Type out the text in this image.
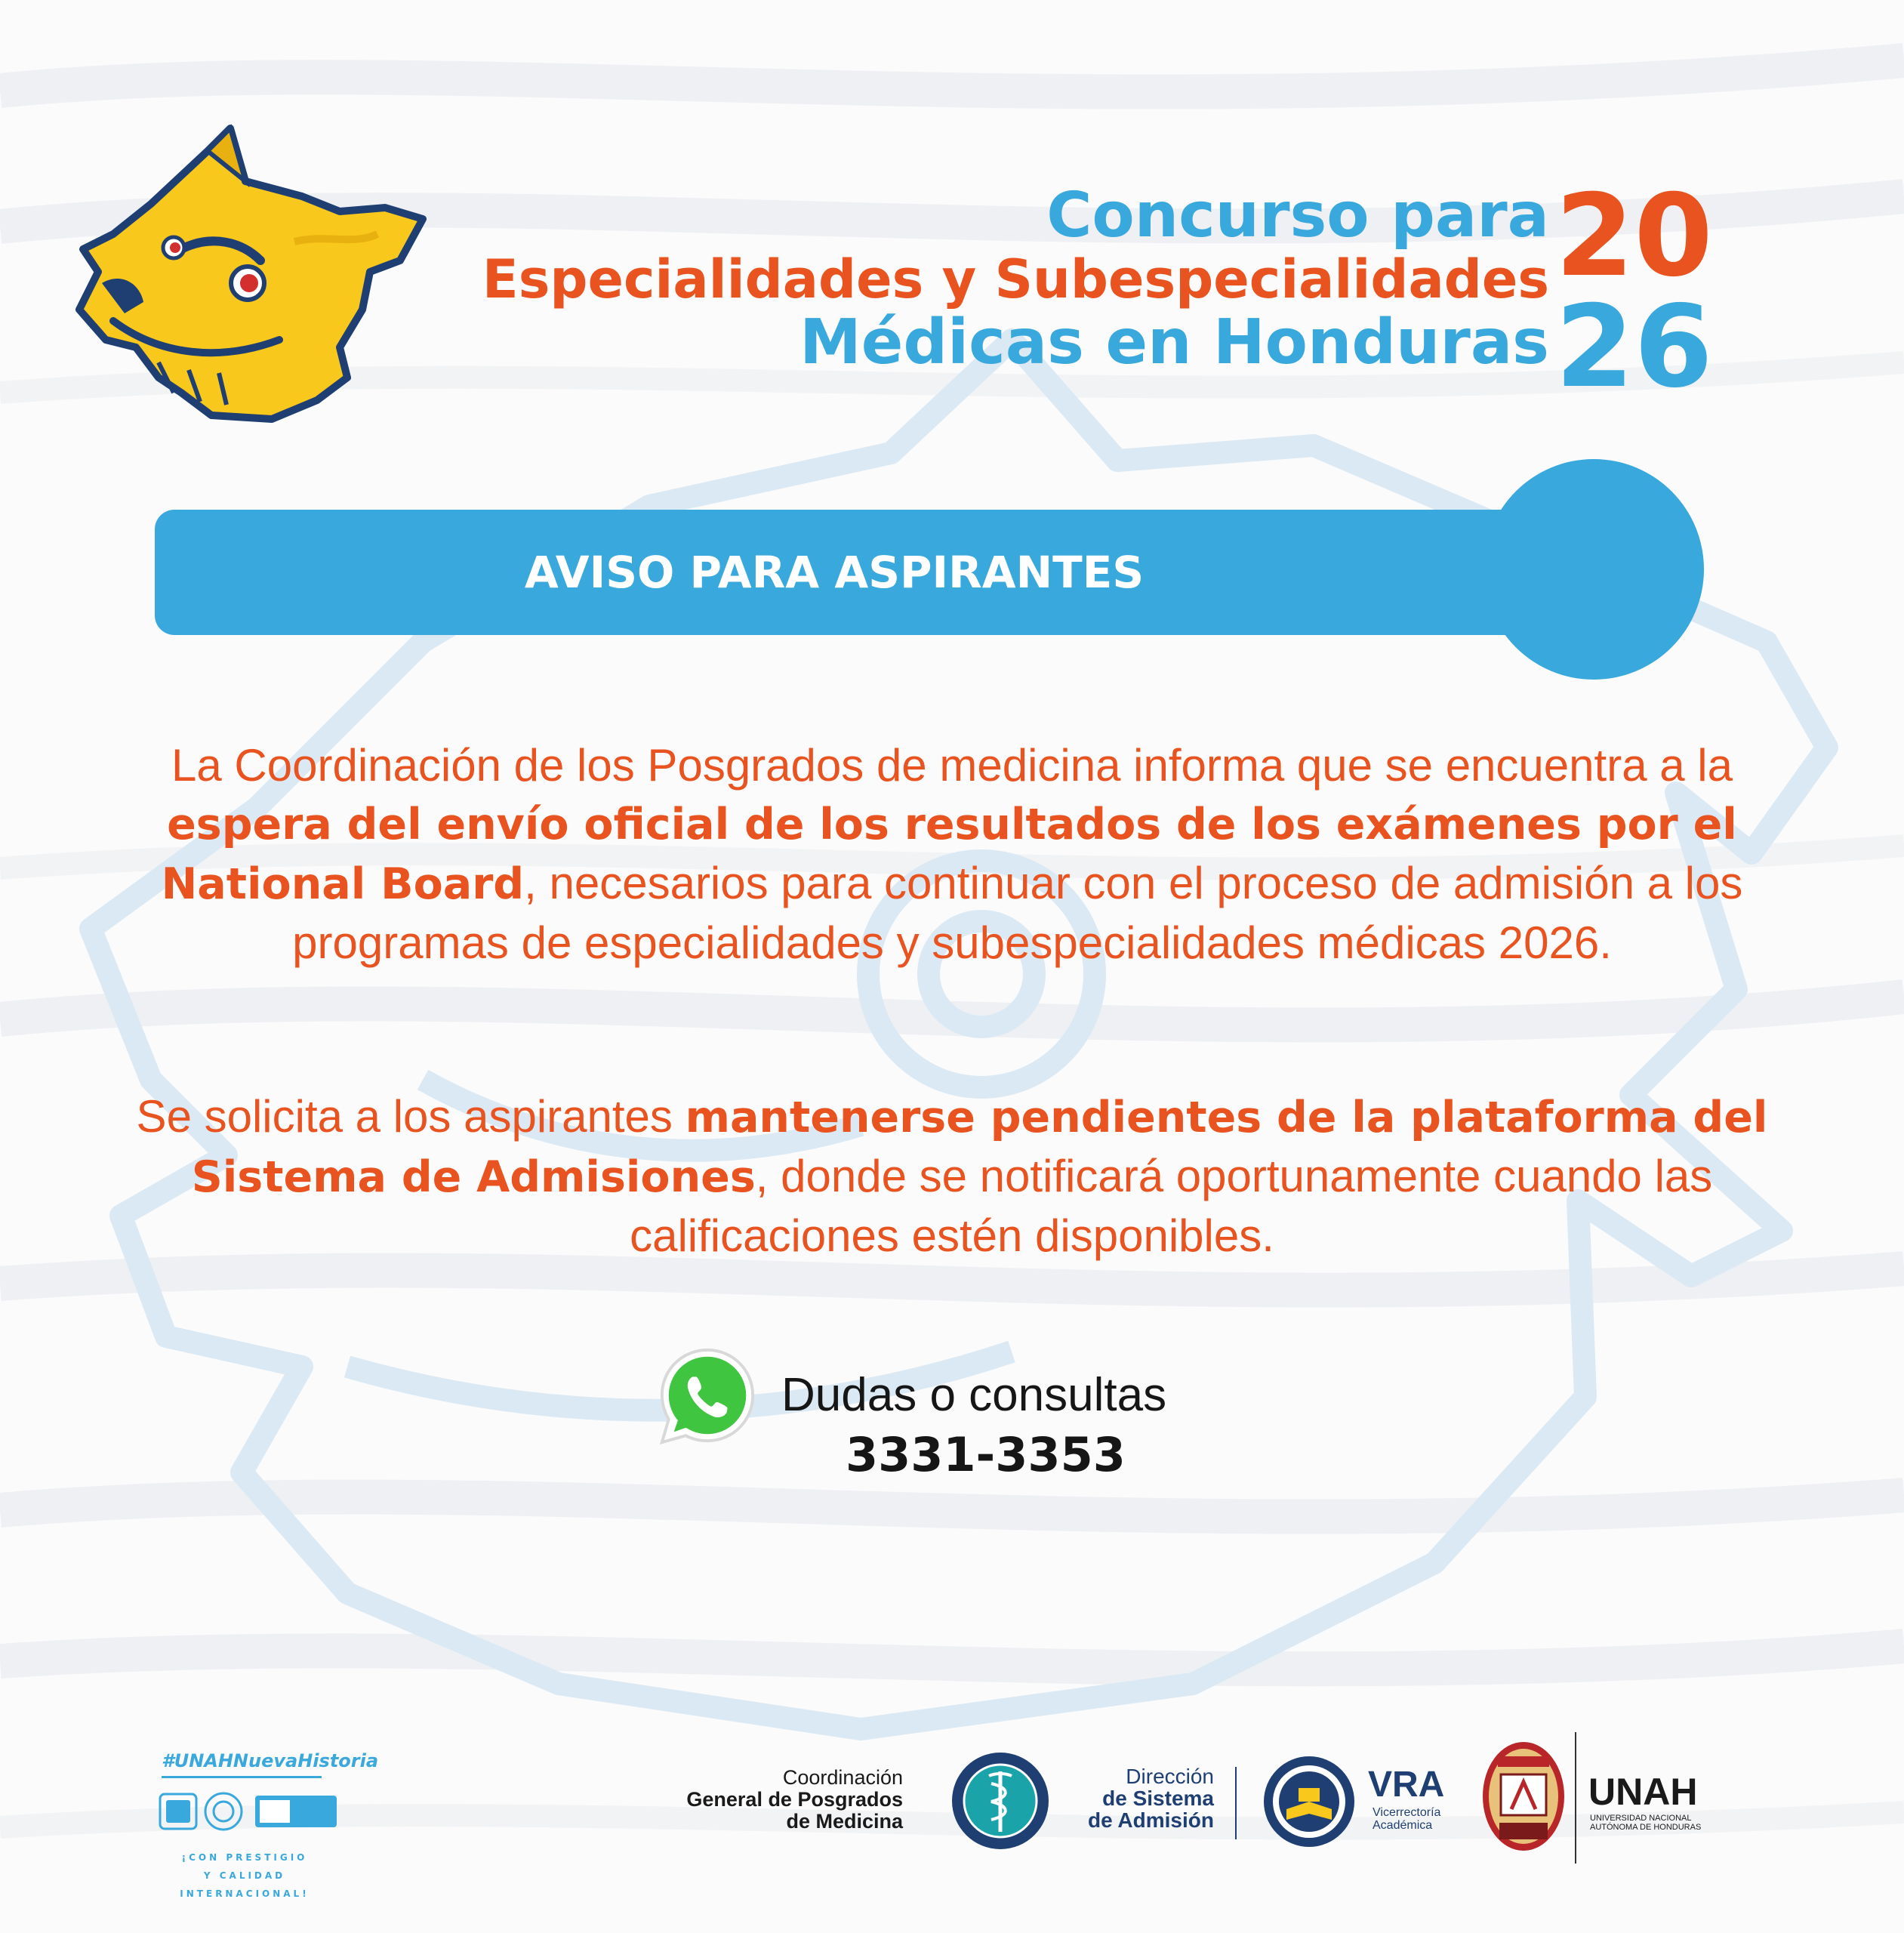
Concurso para
Especialidades y Subespecialidades
Médicas en Honduras
20
26
AVISO PARA ASPIRANTES
La Coordinación de los Posgrados de medicina informa que se encuentra a la espera del envío oficial de los resultados de los exámenes por el National Board, necesarios para continuar con el proceso de admisión a los programas de especialidades y subespecialidades médicas 2026.
Se solicita a los aspirantes mantenerse pendientes de la plataforma del Sistema de Admisiones, donde se notificará oportunamente cuando las calificaciones estén disponibles.
Dudas o consultas
3331-3353
#UNAHNuevaHistoria
¡CON PRESTIGIO
Y CALIDAD INTERNACIONAL!
Coordinación
General de Posgrados
de Medicina
Dirección
de Sistema
de Admisión
VRA
Vicerrectoría
Académica
UNAH
UNIVERSIDAD NACIONAL
AUTÓNOMA DE HONDURAS
